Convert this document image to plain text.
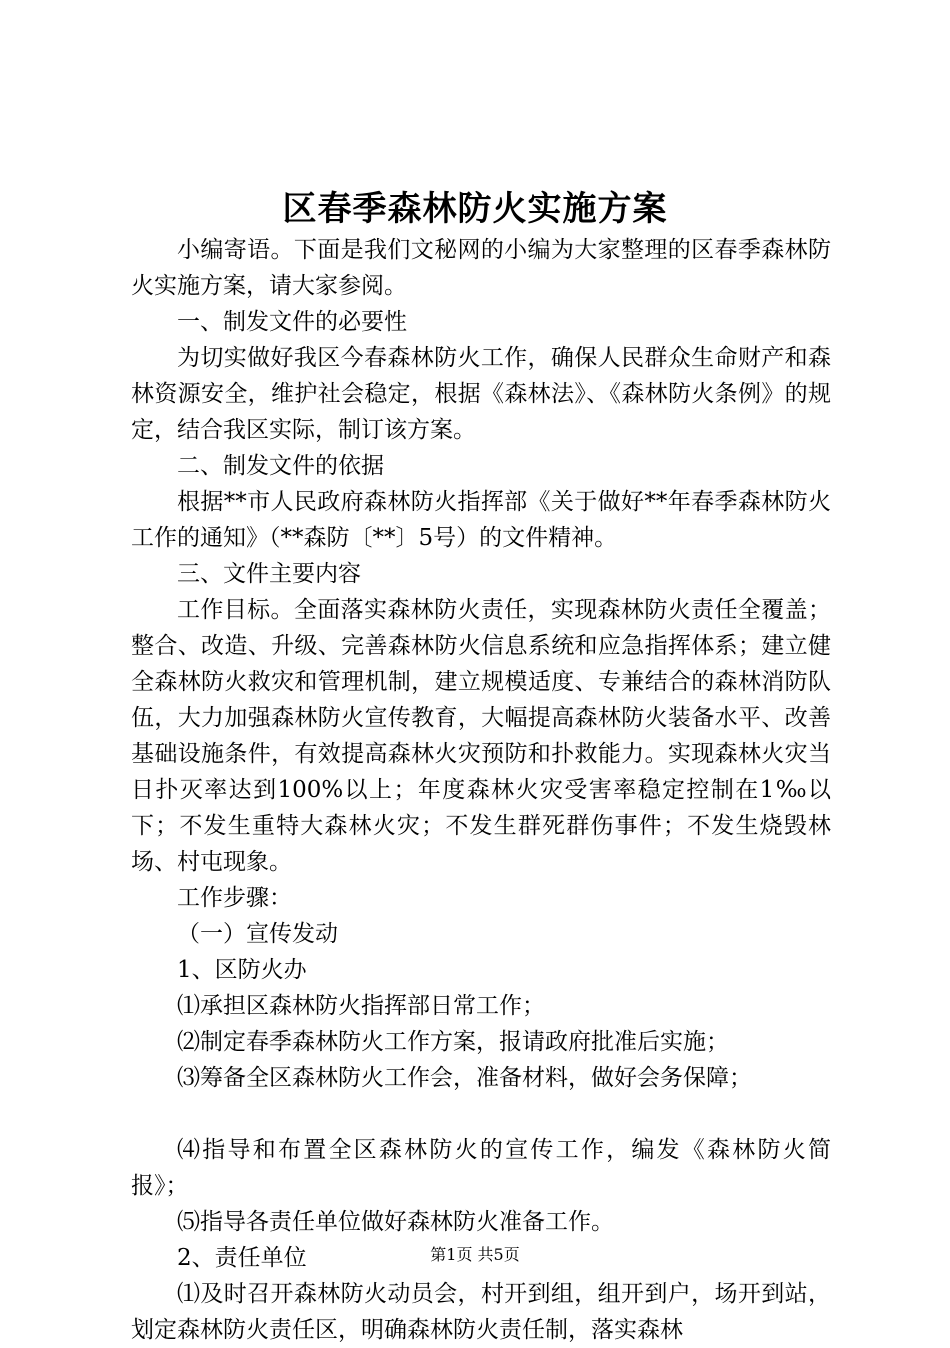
区春季森林防火实施方案

小编寄语。下面是我们文秘网的小编为大家整理的区春季森林防火实施方案，请大家参阅。

一、制发文件的必要性

为切实做好我区今春森林防火工作，确保人民群众生命财产和森林资源安全，维护社会稳定，根据《森林法》、《森林防火条例》的规定，结合我区实际，制订该方案。

二、制发文件的依据

根据**市人民政府森林防火指挥部《关于做好**年春季森林防火工作的通知》（**森防〔**〕5号）的文件精神。

三、文件主要内容

工作目标。全面落实森林防火责任，实现森林防火责任全覆盖；整合、改造、升级、完善森林防火信息系统和应急指挥体系；建立健全森林防火救灾和管理机制，建立规模适度、专兼结合的森林消防队伍，大力加强森林防火宣传教育，大幅提高森林防火装备水平、改善基础设施条件，有效提高森林火灾预防和扑救能力。实现森林火灾当日扑灭率达到100%以上；年度森林火灾受害率稳定控制在1‰以下；不发生重特大森林火灾；不发生群死群伤事件；不发生烧毁林场、村屯现象。

工作步骤：

（一）宣传发动

1、区防火办

⑴承担区森林防火指挥部日常工作；

⑵制定春季森林防火工作方案，报请政府批准后实施；

⑶筹备全区森林防火工作会，准备材料，做好会务保障；

⑷指导和布置全区森林防火的宣传工作，编发《森林防火简报》；

⑸指导各责任单位做好森林防火准备工作。

2、责任单位

⑴及时召开森林防火动员会，村开到组，组开到户，场开到站，划定森林防火责任区，明确森林防火责任制，落实森林

第1页 共5页
